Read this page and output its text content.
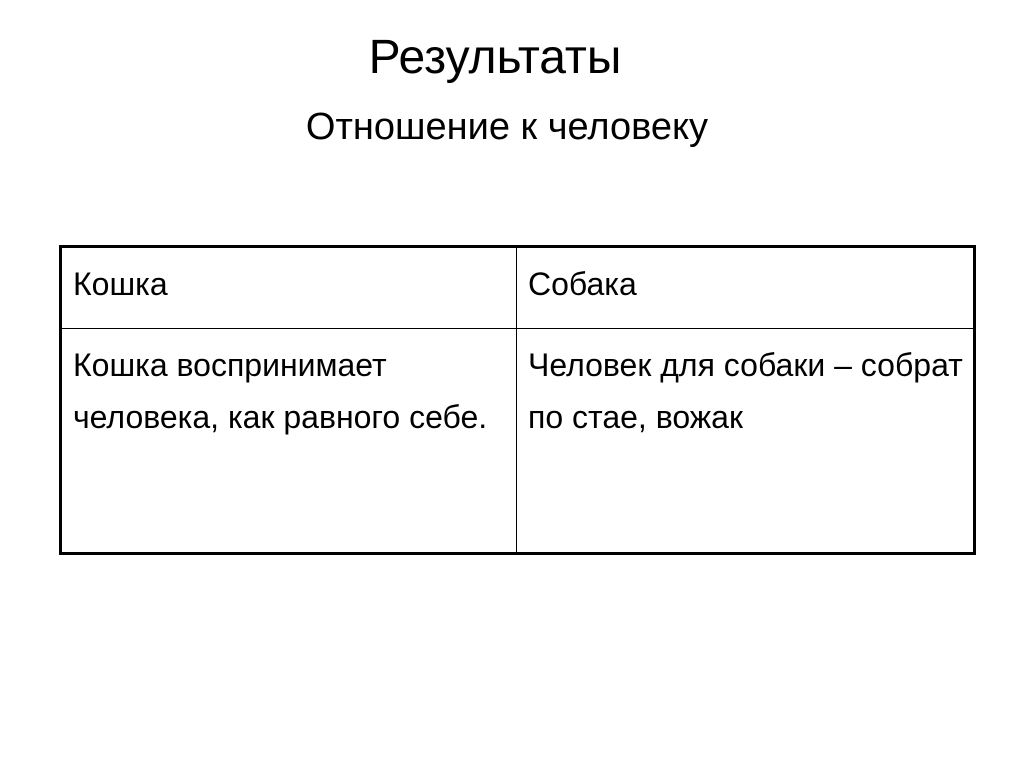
Результаты
Отношение к человеку
Кошка	Собака
Кошка воспринимает человека, как равного себе.	Человек для собаки – собрат по стае, вожак
